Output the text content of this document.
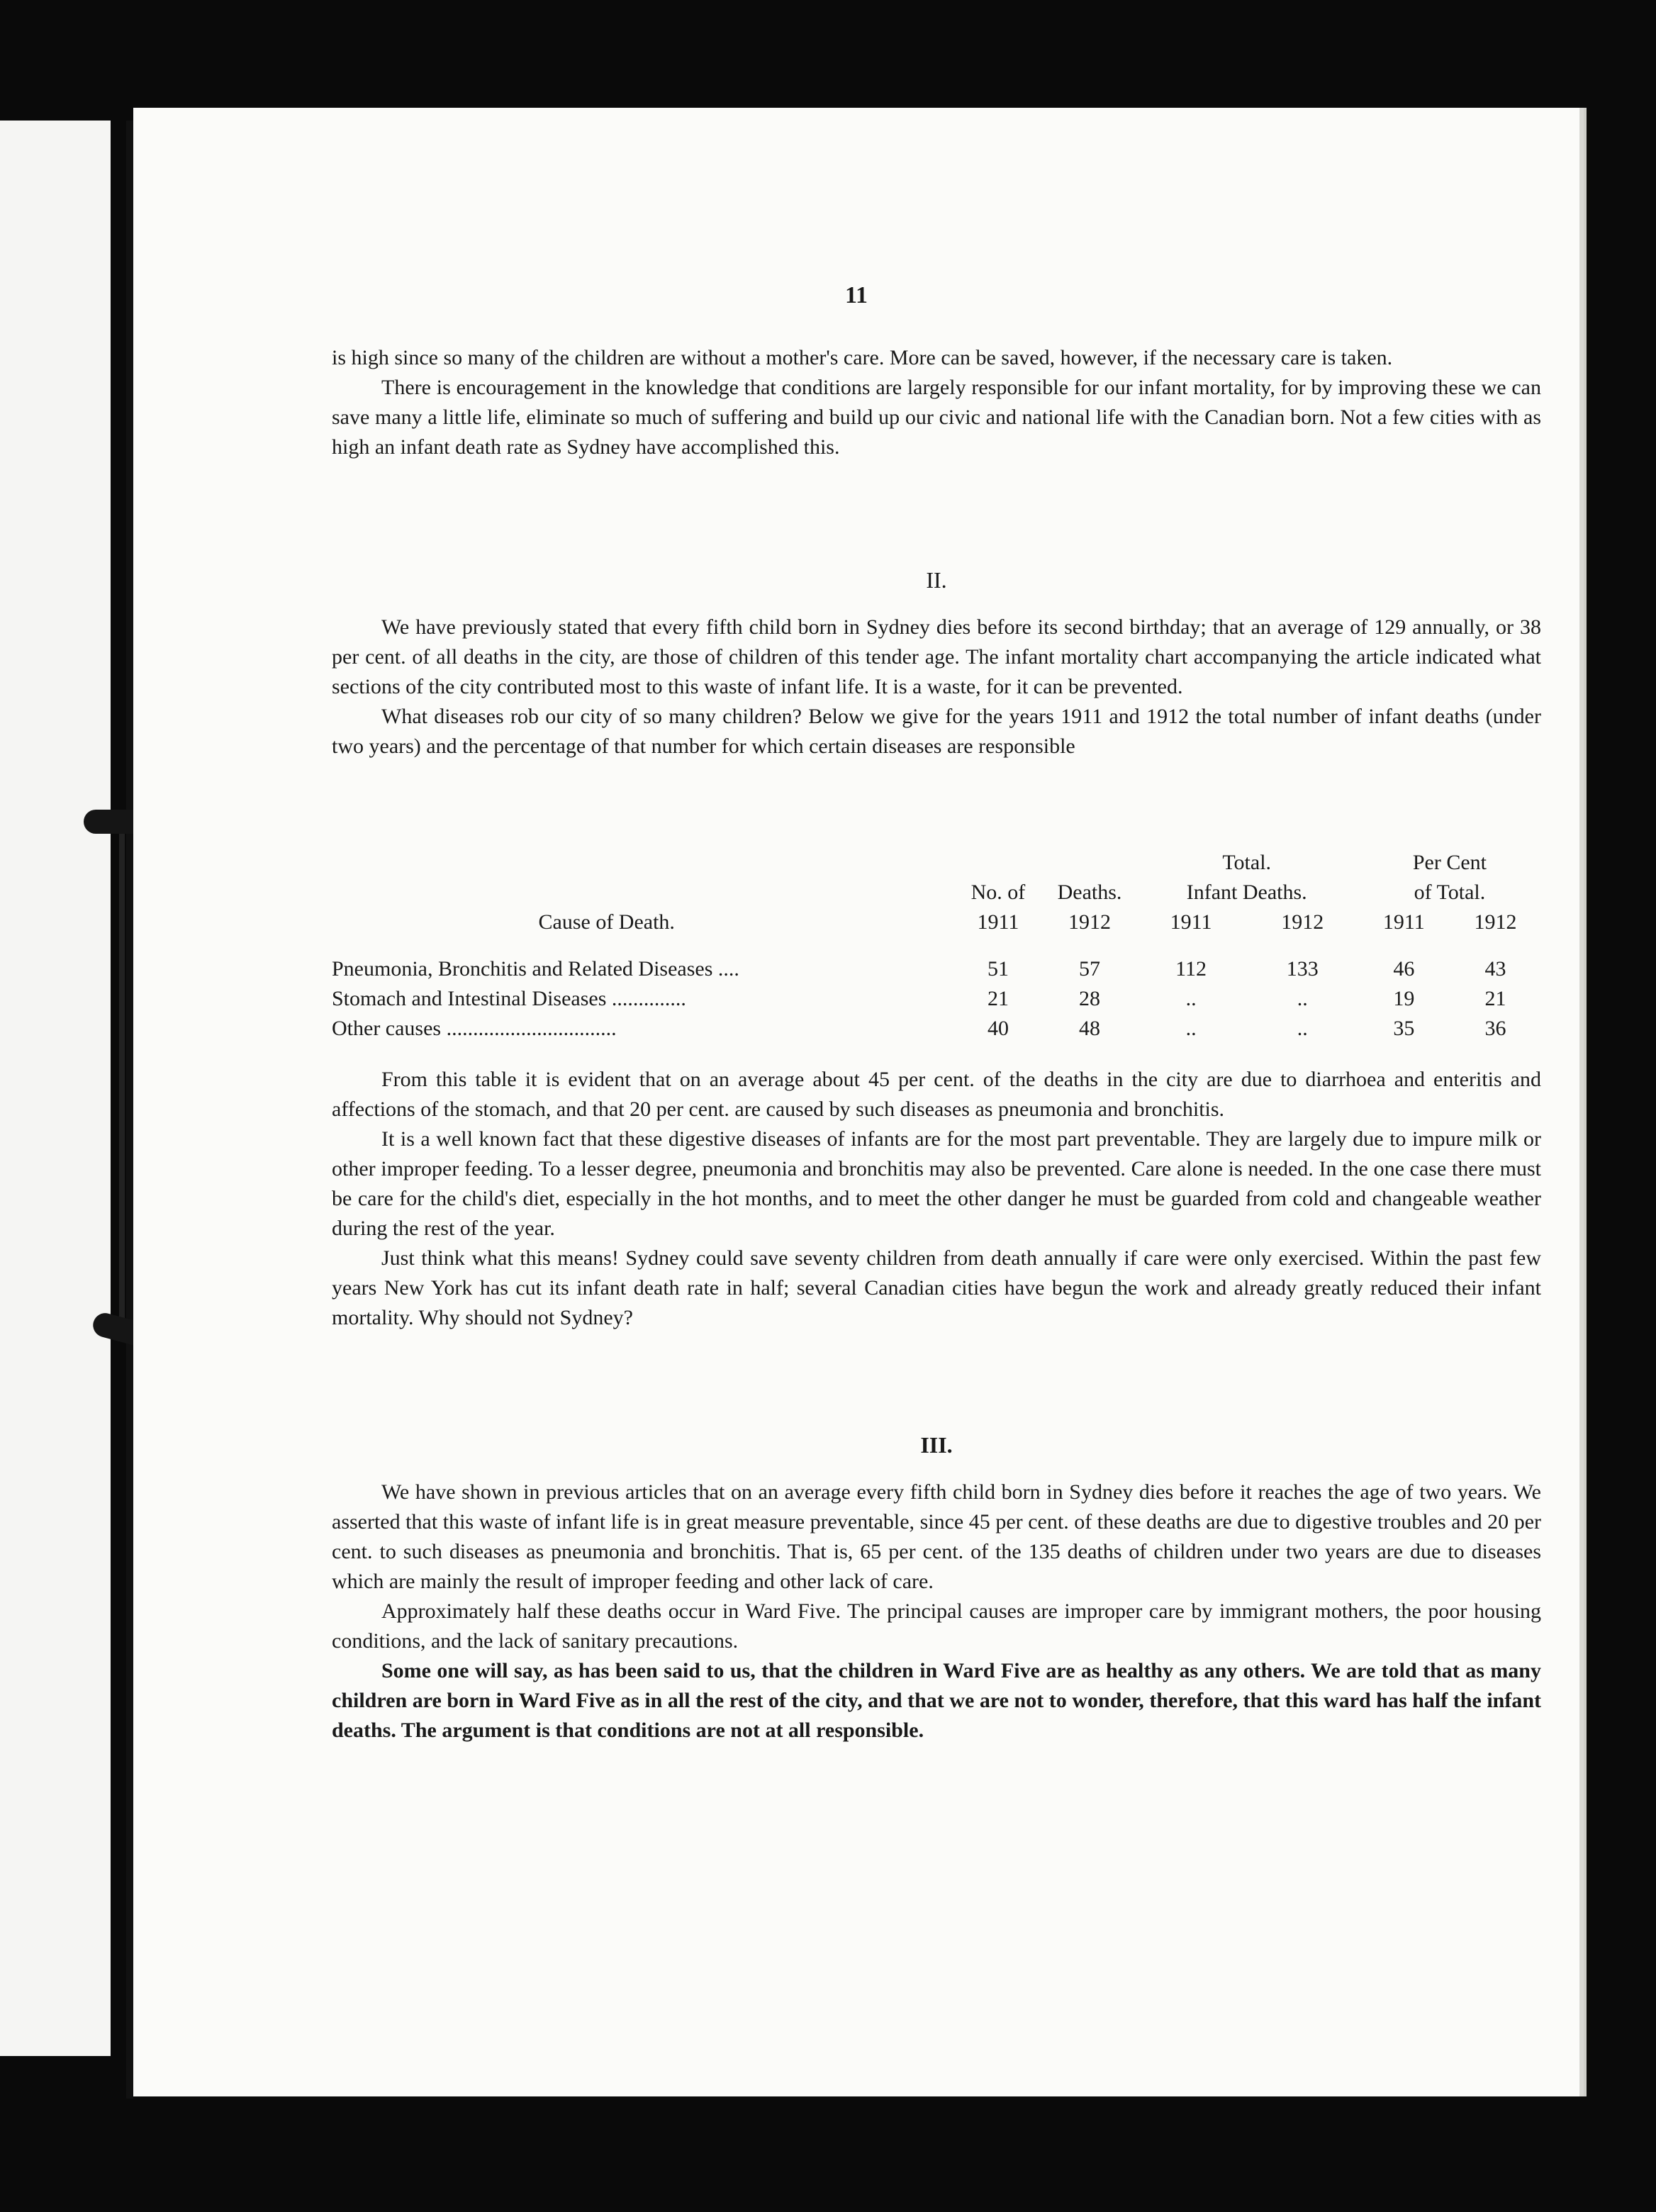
11

is high since so many of the children are without a mother's care. More can be saved, however, if the necessary care is taken.

There is encouragement in the knowledge that conditions are largely responsible for our infant mortality, for by improving these we can save many a little life, eliminate so much of suffering and build up our civic and national life with the Canadian born. Not a few cities with as high an infant death rate as Sydney have accomplished this.

II.

We have previously stated that every fifth child born in Sydney dies before its second birthday; that an average of 129 annually, or 38 per cent. of all deaths in the city, are those of children of this tender age. The infant mortality chart accompanying the article indicated what sections of the city contributed most to this waste of infant life. It is a waste, for it can be prevented.

What diseases rob our city of so many children? Below we give for the years 1911 and 1912 the total number of infant deaths (under two years) and the percentage of that number for which certain diseases are responsible

			Total.		Per Cent	
	No. of	Deaths.	Infant Deaths.		of Total.	
Cause of Death.	1911	1912	1911	1912	1911	1912

Pneumonia, Bronchitis and Related Diseases ....	51	57	112	133	46	43
Stomach and Intestinal Diseases ..............	21	28	..	..	19	21
Other causes ................................	40	48	..	..	35	36

From this table it is evident that on an average about 45 per cent. of the deaths in the city are due to diarrhoea and enteritis and affections of the stomach, and that 20 per cent. are caused by such diseases as pneumonia and bronchitis.

It is a well known fact that these digestive diseases of infants are for the most part preventable. They are largely due to impure milk or other improper feeding. To a lesser degree, pneumonia and bronchitis may also be prevented. Care alone is needed. In the one case there must be care for the child's diet, especially in the hot months, and to meet the other danger he must be guarded from cold and changeable weather during the rest of the year.

Just think what this means! Sydney could save seventy children from death annually if care were only exercised. Within the past few years New York has cut its infant death rate in half; several Canadian cities have begun the work and already greatly reduced their infant mortality. Why should not Sydney?

III.

We have shown in previous articles that on an average every fifth child born in Sydney dies before it reaches the age of two years. We asserted that this waste of infant life is in great measure preventable, since 45 per cent. of these deaths are due to digestive troubles and 20 per cent. to such diseases as pneumonia and bronchitis. That is, 65 per cent. of the 135 deaths of children under two years are due to diseases which are mainly the result of improper feeding and other lack of care.

Approximately half these deaths occur in Ward Five. The principal causes are improper care by immigrant mothers, the poor housing conditions, and the lack of sanitary precautions.

Some one will say, as has been said to us, that the children in Ward Five are as healthy as any others. We are told that as many children are born in Ward Five as in all the rest of the city, and that we are not to wonder, therefore, that this ward has half the infant deaths. The argument is that conditions are not at all responsible.
